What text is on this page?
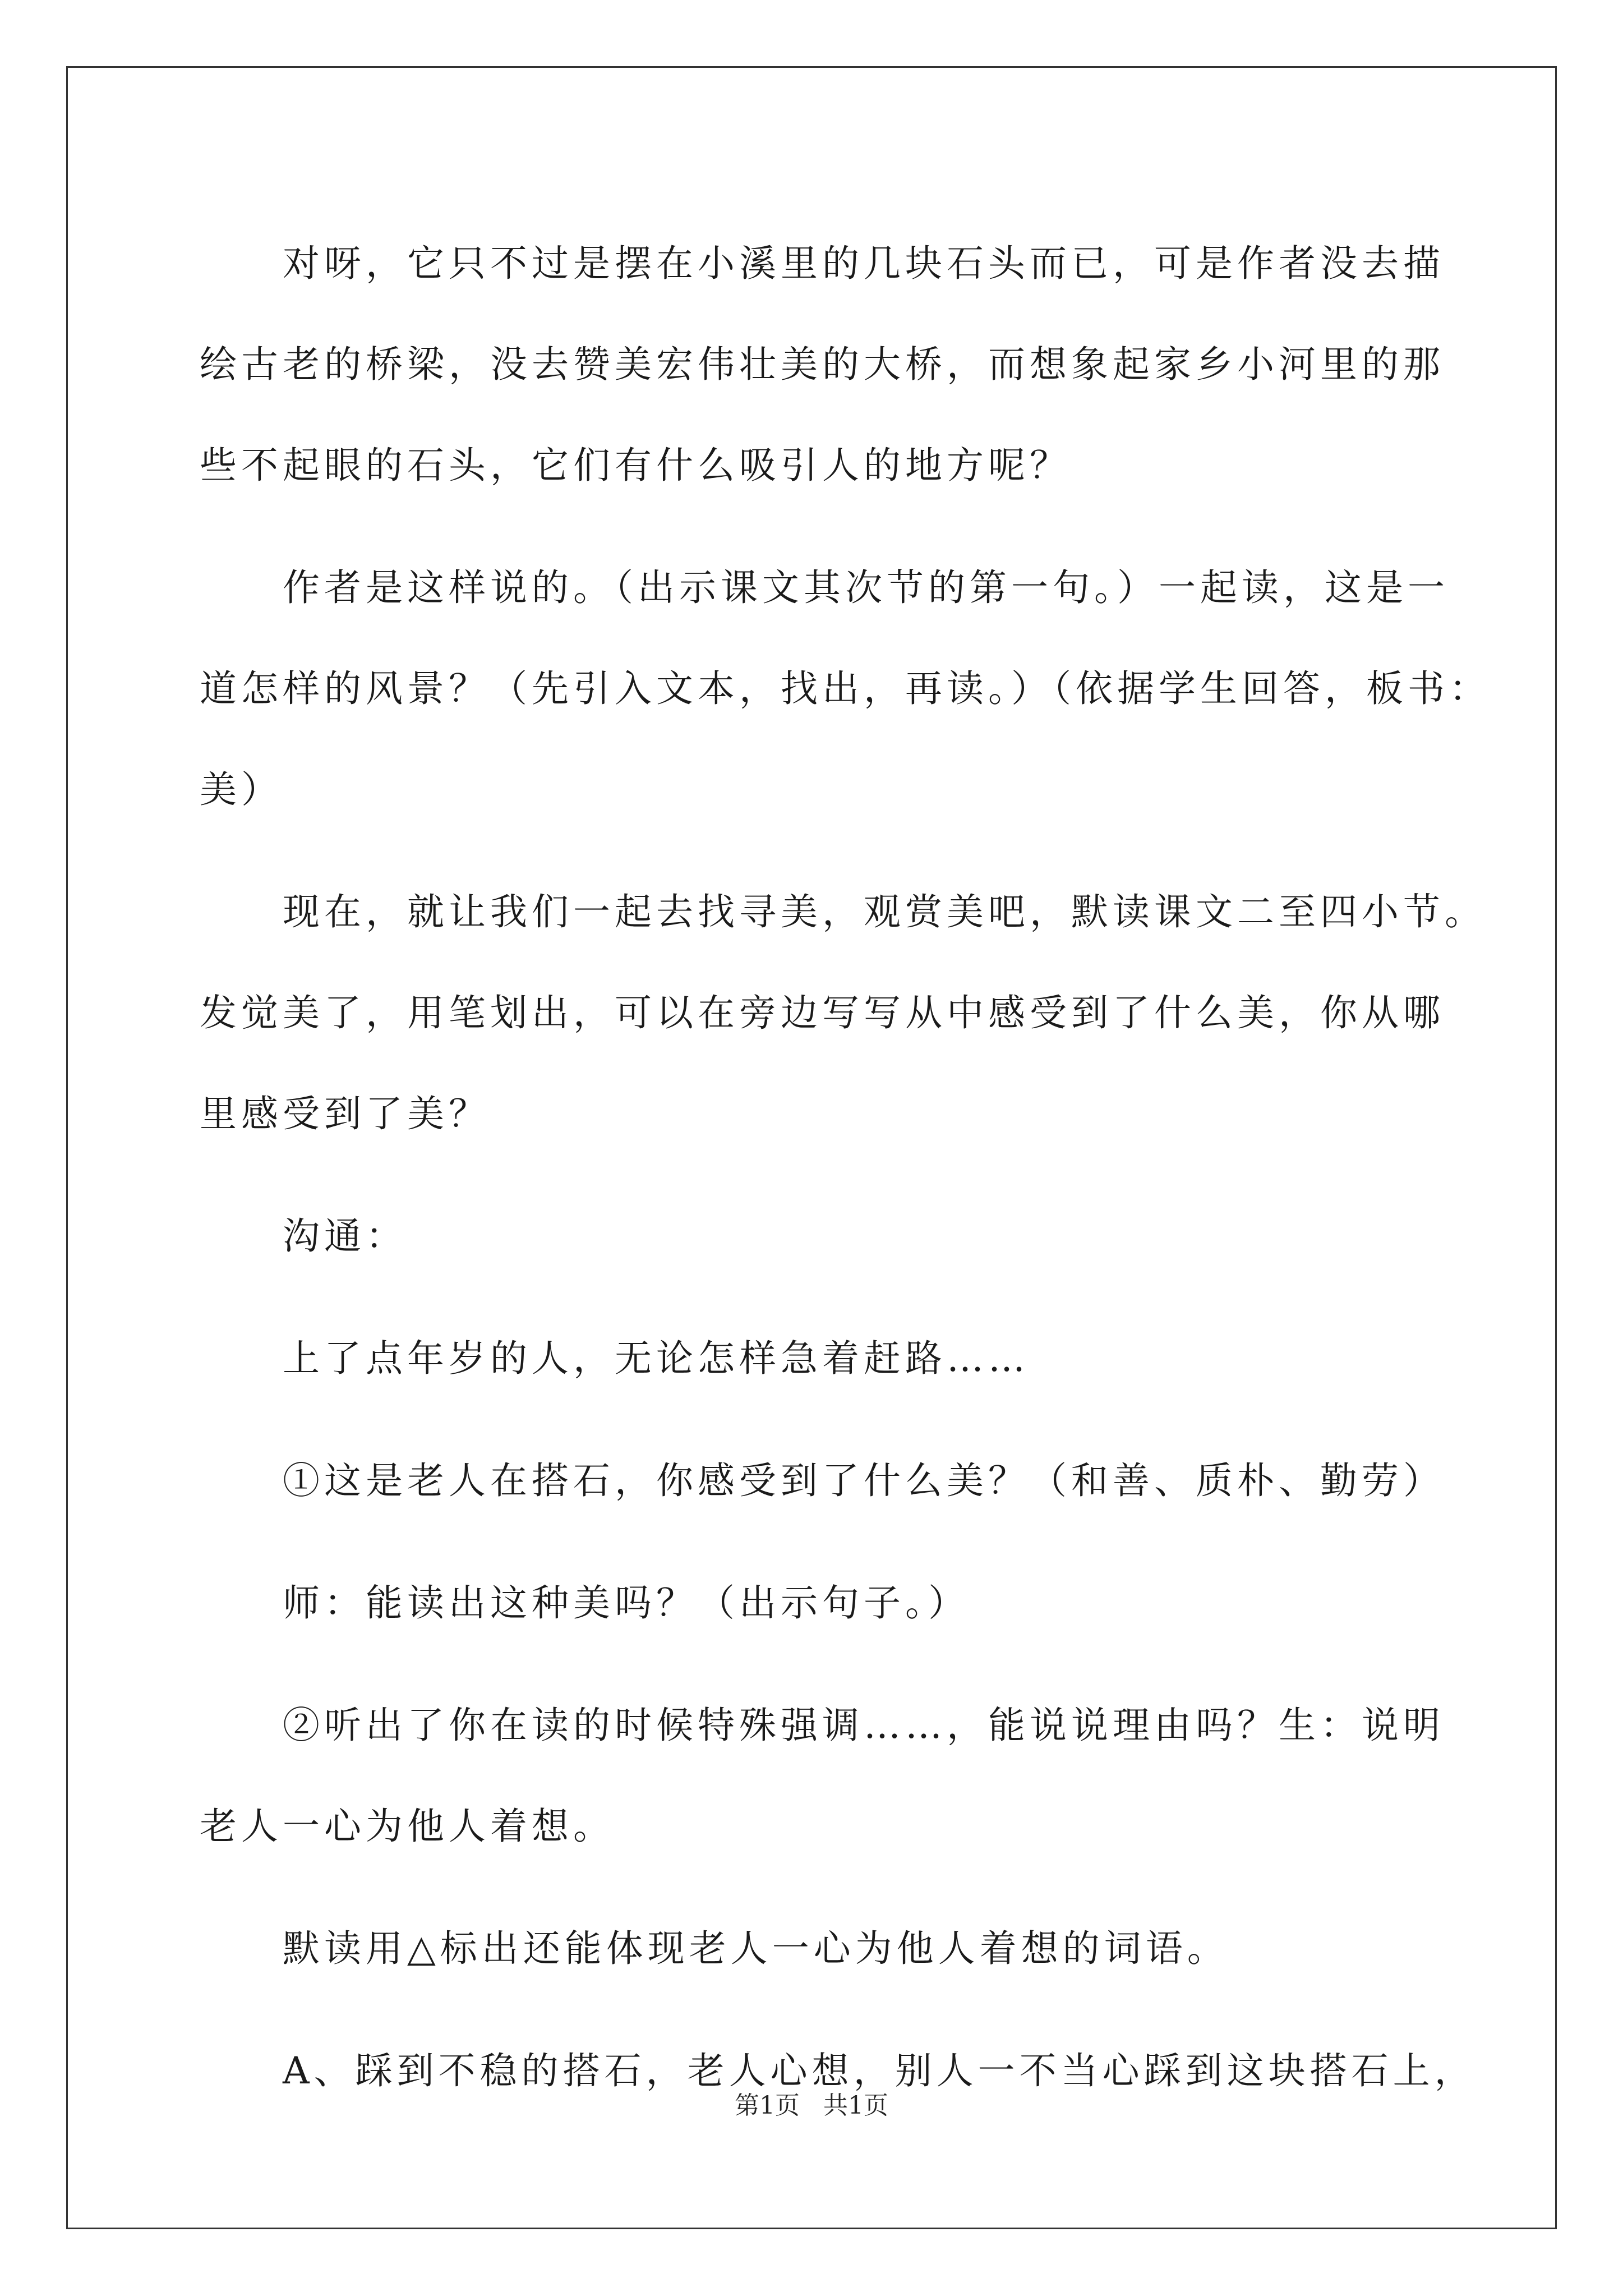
对呀，它只不过是摆在小溪里的几块石头而已，可是作者没去描
绘古老的桥梁，没去赞美宏伟壮美的大桥，而想象起家乡小河里的那
些不起眼的石头，它们有什么吸引人的地方呢？

作者是这样说的。（出示课文其次节的第一句。）一起读，这是一
道怎样的风景？（先引入文本，找出，再读。）（依据学生回答，板书：
美）

现在，就让我们一起去找寻美，观赏美吧，默读课文二至四小节。
发觉美了，用笔划出，可以在旁边写写从中感受到了什么美，你从哪
里感受到了美？

沟通：

上了点年岁的人，无论怎样急着赶路……

①这是老人在搭石，你感受到了什么美？（和善、质朴、勤劳）

师：能读出这种美吗？（出示句子。）

②听出了你在读的时候特殊强调……，能说说理由吗？生：说明
老人一心为他人着想。

默读用△标出还能体现老人一心为他人着想的词语。

A、踩到不稳的搭石，老人心想，别人一不当心踩到这块搭石上，

第1页 共1页
